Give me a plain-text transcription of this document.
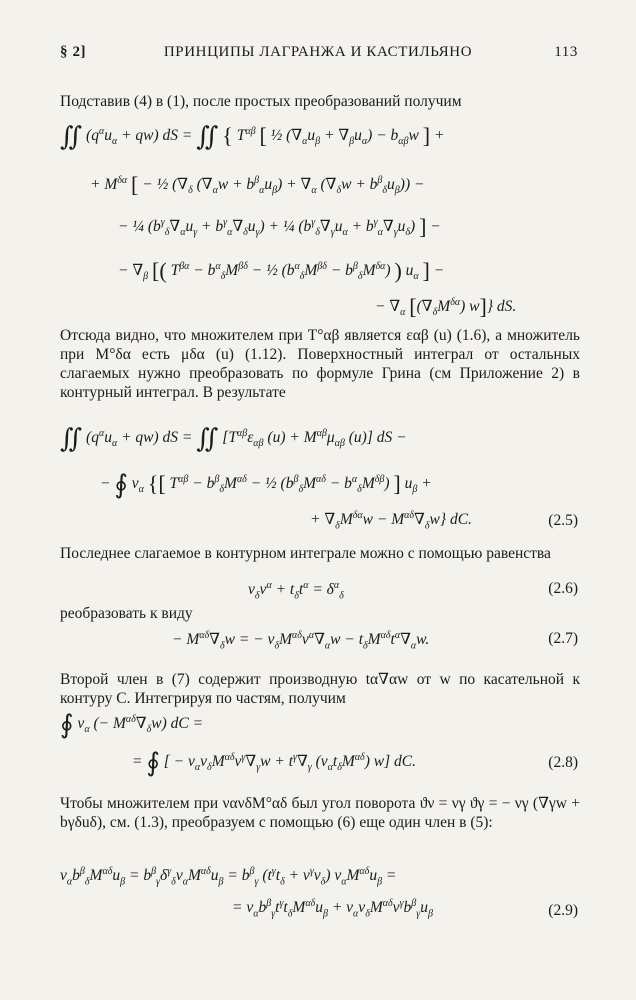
§ 2]	ПРИНЦИПЫ ЛАГРАНЖА И КАСТИЛЬЯНО	113
Подставив (4) в (1), после простых преобразований получим
∬ $(q^\alpha u_\alpha + qw)$ dS = ∬ { $T^{\alpha\beta}$ [ ½ $(\nabla_\alpha u_\beta + \nabla_\beta u_\alpha) - b_{\alpha\beta}w$ ] +
+ $M^{\delta\alpha}$ [ − ½ ($\nabla_\delta$ $(\nabla_\alpha w + b^\beta_\alpha u_\beta) + \nabla_\alpha$ $(\nabla_\delta w + b^\beta_\delta u_\beta)$) −
− ¼ $(b^\gamma_\delta\nabla_\alpha u_\gamma + b^\gamma_\alpha\nabla_\delta u_\gamma)$ + ¼ $(b^\gamma_\delta\nabla_\gamma u_\alpha + b^\gamma_\alpha\nabla_\gamma u_\delta)$ ] −
− $\nabla_\beta$ [( $T^{\beta\alpha} - b^\alpha_\delta M^{\beta\delta}$ − ½ $(b^\alpha_\delta M^{\beta\delta} - b^\beta_\delta M^{\delta\alpha})$ ) $u_\alpha$ ] −
− $\nabla_\alpha$ [$(\nabla_\delta M^{\delta\alpha})$ w]} dS.
Отсюда видно, что множителем при T°αβ является εαβ (u) (1.6), а множитель при M°δα есть μδα (u) (1.12). Поверхностный интеграл от остальных слагаемых нужно преобразовать по формуле Грина (см Приложение 2) в контурный интеграл. В результате
∬ $(q^\alpha u_\alpha + qw)$ dS = ∬ [$T^{\alpha\beta}\varepsilon_{\alpha\beta}$ $(u) + M^{\alpha\beta}\mu_{\alpha\beta}$ (u)] dS −
− ∮ $\nu_\alpha$ {[ $T^{\alpha\beta} - b^\beta_\delta M^{\alpha\delta}$ − ½ $(b^\beta_\delta M^{\alpha\delta} - b^\alpha_\delta M^{\delta\beta})$ ] $u_\beta$ +
+ $\nabla_\delta M^{\delta\alpha}w - M^{\alpha\delta}\nabla_\delta w$} dC.	(2.5)
Последнее слагаемое в контурном интеграле можно с помощью равенства
$\nu_\delta\nu^\alpha + t_\delta t^\alpha = \delta^\alpha_\delta$	(2.6)
реобразовать к виду
− $M^{\alpha\delta}\nabla_\delta w$ = − $\nu_\delta M^{\alpha\delta}\nu^\alpha\nabla_\alpha w - t_\delta M^{\alpha\delta}t^\alpha\nabla_\alpha w$.	(2.7)
Второй член в (7) содержит производную tα∇αw от w по касательной к контуру C. Интегрируя по частям, получим
∮ $\nu_\alpha$ (− $M^{\alpha\delta}\nabla_\delta w$) dC =
= ∮ [ − $\nu_\alpha\nu_\delta M^{\alpha\delta}\nu^\gamma\nabla_\gamma w + t^\gamma\nabla_\gamma$ $(\nu_\alpha t_\delta M^{\alpha\delta})$ w] dC.	(2.8)
Чтобы множителем при νανδM°αδ был угол поворота ϑν = νγ ϑγ = − νγ (∇γw + bγδuδ), см. (1.3), преобразуем с помощью (6) еще один член в (5):
$\nu_\alpha b^\beta_\delta M^{\alpha\delta}u_\beta = b^\beta_\gamma\delta^\gamma_\delta\nu_\alpha M^{\alpha\delta}u_\beta = b^\beta_\gamma$ $(t^\gamma t_\delta + \nu^\gamma\nu_\delta) \nu_\alpha M^{\alpha\delta}u_\beta$ =
= $\nu_\alpha b^\beta_\gamma t^\gamma t_\delta M^{\alpha\delta}u_\beta + \nu_\alpha\nu_\delta M^{\alpha\delta}\nu^\gamma b^\beta_\gamma u_\beta$	(2.9)
